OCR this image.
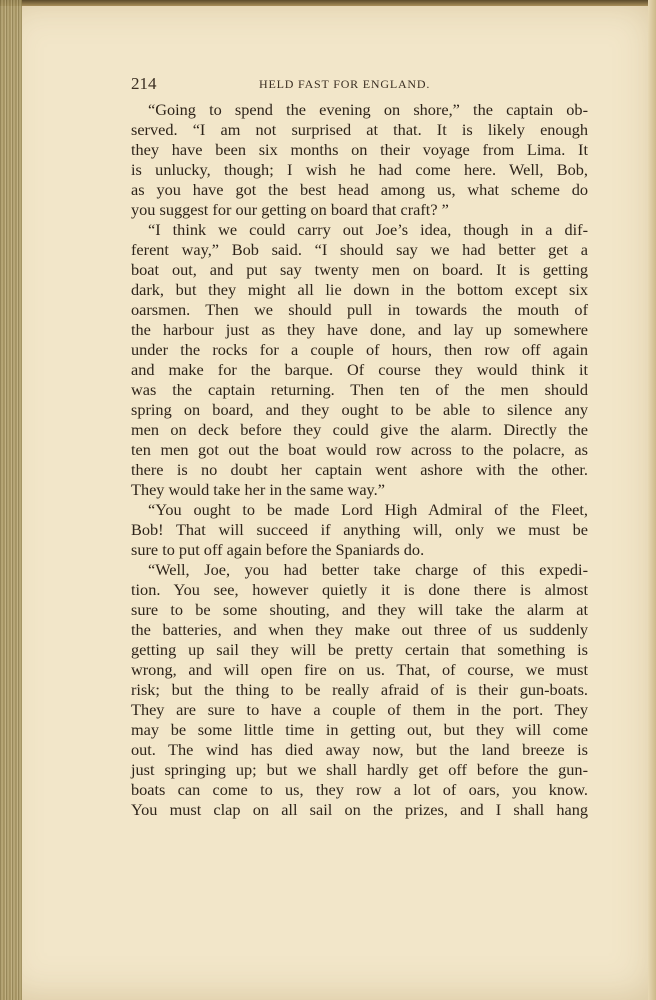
214	HELD FAST FOR ENGLAND.
“Going to spend the evening on shore,” the captain ob-
served. “I am not surprised at that. It is likely enough
they have been six months on their voyage from Lima. It
is unlucky, though; I wish he had come here. Well, Bob,
as you have got the best head among us, what scheme do
you suggest for our getting on board that craft? ”
“I think we could carry out Joe’s idea, though in a dif-
ferent way,” Bob said. “I should say we had better get a
boat out, and put say twenty men on board. It is getting
dark, but they might all lie down in the bottom except six
oarsmen. Then we should pull in towards the mouth of
the harbour just as they have done, and lay up somewhere
under the rocks for a couple of hours, then row off again
and make for the barque. Of course they would think it
was the captain returning. Then ten of the men should
spring on board, and they ought to be able to silence any
men on deck before they could give the alarm. Directly the
ten men got out the boat would row across to the polacre, as
there is no doubt her captain went ashore with the other.
They would take her in the same way.”
“You ought to be made Lord High Admiral of the Fleet,
Bob! That will succeed if anything will, only we must be
sure to put off again before the Spaniards do.
“Well, Joe, you had better take charge of this expedi-
tion. You see, however quietly it is done there is almost
sure to be some shouting, and they will take the alarm at
the batteries, and when they make out three of us suddenly
getting up sail they will be pretty certain that something is
wrong, and will open fire on us. That, of course, we must
risk; but the thing to be really afraid of is their gun-boats.
They are sure to have a couple of them in the port. They
may be some little time in getting out, but they will come
out. The wind has died away now, but the land breeze is
just springing up; but we shall hardly get off before the gun-
boats can come to us, they row a lot of oars, you know.
You must clap on all sail on the prizes, and I shall hang
